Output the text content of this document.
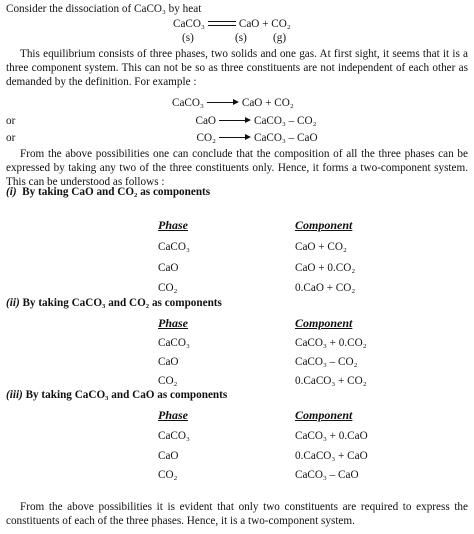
Consider the dissociation of CaCO₃ by heat
CaCO₃	CaO + CO₂
(s)	(s) (g)
This equilibrium consists of three phases, two solids and one gas. At first sight, it seems that it is a three component system. This can not be so as three constituents are not independent of each other as demanded by the definition. For example :
CaCO₃	CaO + CO₂
or	CaO	CaCO₃ – CO₂
or	CO₂	CaCO₃ – CaO
From the above possibilities one can conclude that the composition of all the three phases can be expressed by taking any two of the three constituents only. Hence, it forms a two-component system. This can be understood as follows :
(i) By taking CaO and CO₂ as components
Phase	Component
CaCO₃	CaO + CO₂
CaO	CaO + 0.CO₂
CO₂	0.CaO + CO₂
(ii) By taking CaCO₃ and CO₂ as components
Phase	Component
CaCO₃	CaCO₃ + 0.CO₂
CaO	CaCO₃ – CO₂
CO₂	0.CaCO₃ + CO₂
(iii) By taking CaCO₃ and CaO as components
Phase	Component
CaCO₃	CaCO₃ + 0.CaO
CaO	0.CaCO₃ + CaO
CO₂	CaCO₃ – CaO
From the above possibilities it is evident that only two constituents are required to express the constituents of each of the three phases. Hence, it is a two-component system.
